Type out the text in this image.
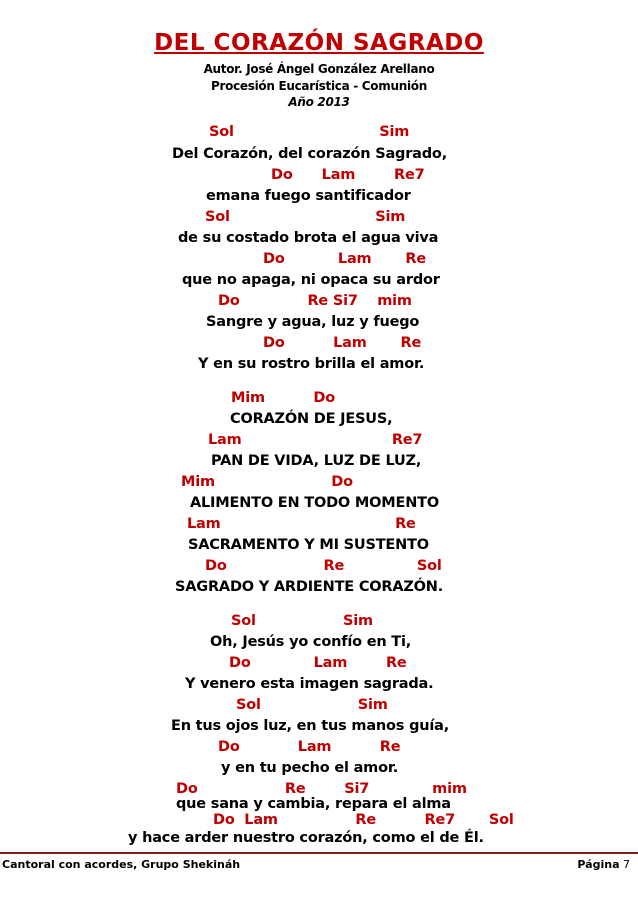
DEL CORAZÓN SAGRADO
Autor. José Ángel González Arellano
Procesión Eucarística - Comunión
Año 2013
Sol                              Sim
Del Corazón, del corazón Sagrado,
Do      Lam        Re7
emana fuego santificador
Sol                              Sim
de su costado brota el agua viva
Do           Lam       Re
que no apaga, ni opaca su ardor
Do              Re Si7    mim
Sangre y agua, luz y fuego
Do          Lam       Re
Y en su rostro brilla el amor.
Mim          Do
CORAZÓN DE JESUS,
Lam                               Re7
PAN DE VIDA, LUZ DE LUZ,
Mim                        Do
ALIMENTO EN TODO MOMENTO
Lam                                    Re
SACRAMENTO Y MI SUSTENTO
Do                    Re               Sol
SAGRADO Y ARDIENTE CORAZÓN.
Sol                  Sim
Oh, Jesús yo confío en Ti,
Do             Lam        Re
Y venero esta imagen sagrada.
Sol                    Sim
En tus ojos luz, en tus manos guía,
Do            Lam          Re
y en tu pecho el amor.
Do                  Re        Si7             mim
Cantoral con acordes, Grupo Shekináh	Página 7
que sana y cambia, repara el alma
Do  Lam                Re          Re7       Sol
y hace arder nuestro corazón, como el de Él.
